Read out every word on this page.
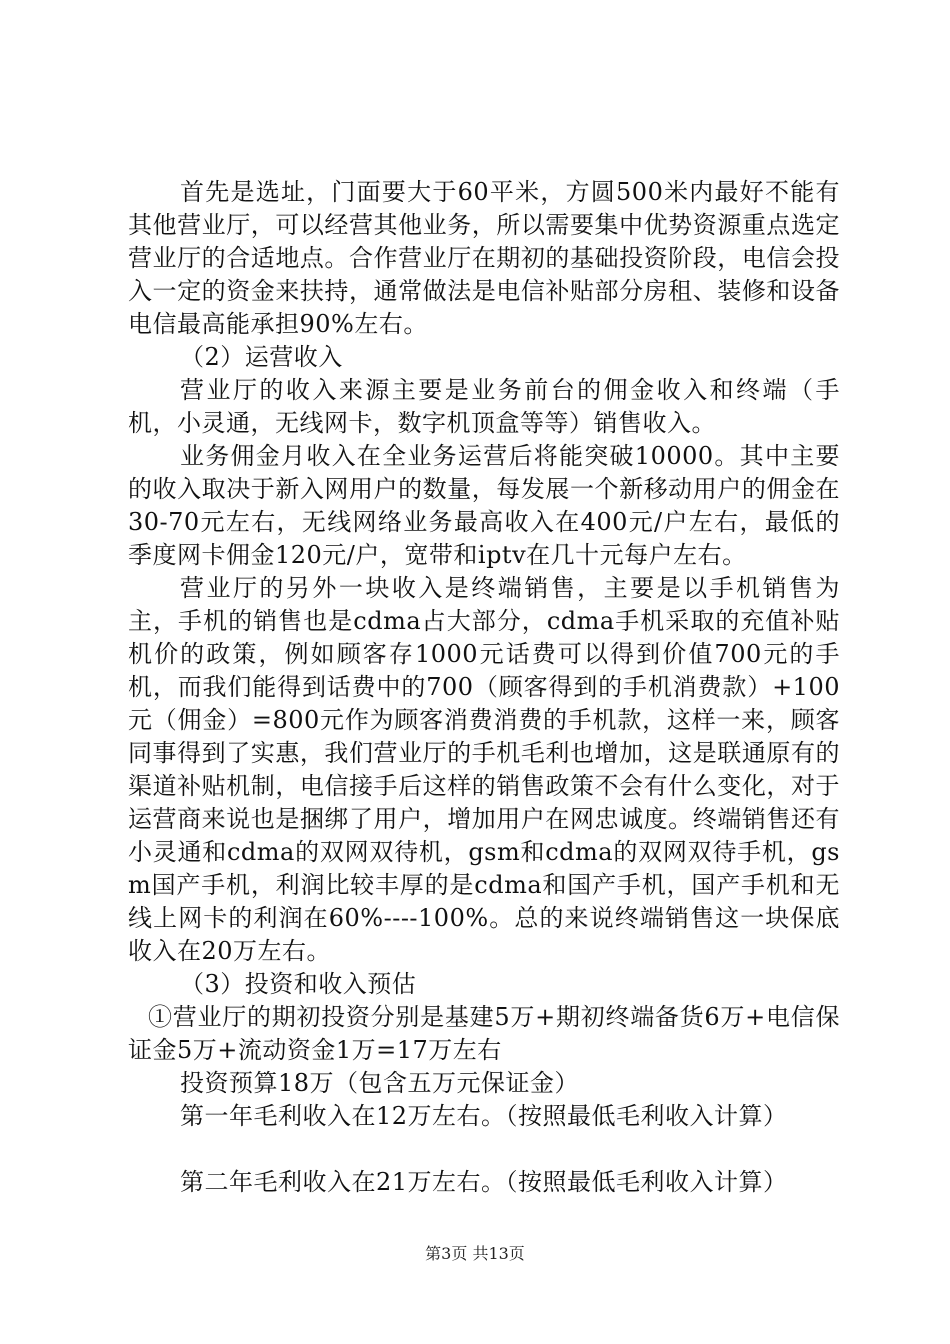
首先是选址，门面要大于60平米，方圆500米内最好不能有其他营业厅，可以经营其他业务，所以需要集中优势资源重点选定营业厅的合适地点。合作营业厅在期初的基础投资阶段，电信会投入一定的资金来扶持，通常做法是电信补贴部分房租、装修和设备电信最高能承担90%左右。

（2）运营收入

营业厅的收入来源主要是业务前台的佣金收入和终端（手机，小灵通，无线网卡，数字机顶盒等等）销售收入。

业务佣金月收入在全业务运营后将能突破10000。其中主要的收入取决于新入网用户的数量，每发展一个新移动用户的佣金在30-70元左右，无线网络业务最高收入在400元/户左右，最低的季度网卡佣金120元/户，宽带和iptv在几十元每户左右。

营业厅的另外一块收入是终端销售，主要是以手机销售为主，手机的销售也是cdma占大部分，cdma手机采取的充值补贴机价的政策，例如顾客存1000元话费可以得到价值700元的手机，而我们能得到话费中的700（顾客得到的手机消费款）+100元（佣金）=800元作为顾客消费消费的手机款，这样一来，顾客同事得到了实惠，我们营业厅的手机毛利也增加，这是联通原有的渠道补贴机制，电信接手后这样的销售政策不会有什么变化，对于运营商来说也是捆绑了用户，增加用户在网忠诚度。终端销售还有小灵通和cdma的双网双待机，gsm和cdma的双网双待手机，gsm国产手机，利润比较丰厚的是cdma和国产手机，国产手机和无线上网卡的利润在60%----100%。总的来说终端销售这一块保底收入在20万左右。

（3）投资和收入预估

①营业厅的期初投资分别是基建5万+期初终端备货6万+电信保证金5万+流动资金1万=17万左右

投资预算18万（包含五万元保证金）

第一年毛利收入在12万左右。（按照最低毛利收入计算）

第二年毛利收入在21万左右。（按照最低毛利收入计算）

第3页 共13页
